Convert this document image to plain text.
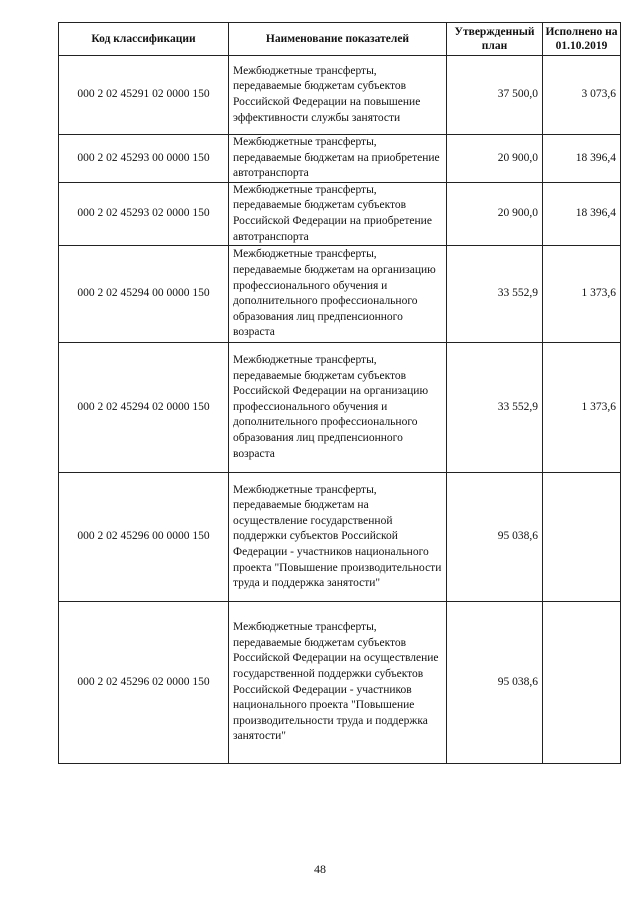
Код классификации	Наименование показателей	Утвержденный план	Исполнено на 01.10.2019
000 2 02 45291 02 0000 150	Межбюджетные трансферты, передаваемые бюджетам субъектов Российской Федерации на повышение эффективности службы занятости	37 500,0	3 073,6
000 2 02 45293 00 0000 150	Межбюджетные трансферты, передаваемые бюджетам на приобретение автотранспорта	20 900,0	18 396,4
000 2 02 45293 02 0000 150	Межбюджетные трансферты, передаваемые бюджетам субъектов Российской Федерации на приобретение автотранспорта	20 900,0	18 396,4
000 2 02 45294 00 0000 150	Межбюджетные трансферты, передаваемые бюджетам на организацию профессионального обучения и дополнительного профессионального образования лиц предпенсионного возраста	33 552,9	1 373,6
000 2 02 45294 02 0000 150	Межбюджетные трансферты, передаваемые бюджетам субъектов Российской Федерации на организацию профессионального обучения и дополнительного профессионального образования лиц предпенсионного возраста	33 552,9	1 373,6
000 2 02 45296 00 0000 150	Межбюджетные трансферты, передаваемые бюджетам на осуществление государственной поддержки субъектов Российской Федерации - участников национального проекта "Повышение производительности труда и поддержка занятости"	95 038,6	
000 2 02 45296 02 0000 150	Межбюджетные трансферты, передаваемые бюджетам субъектов Российской Федерации на осуществление государственной поддержки субъектов Российской Федерации - участников национального проекта "Повышение производительности труда и поддержка занятости"	95 038,6	
48
